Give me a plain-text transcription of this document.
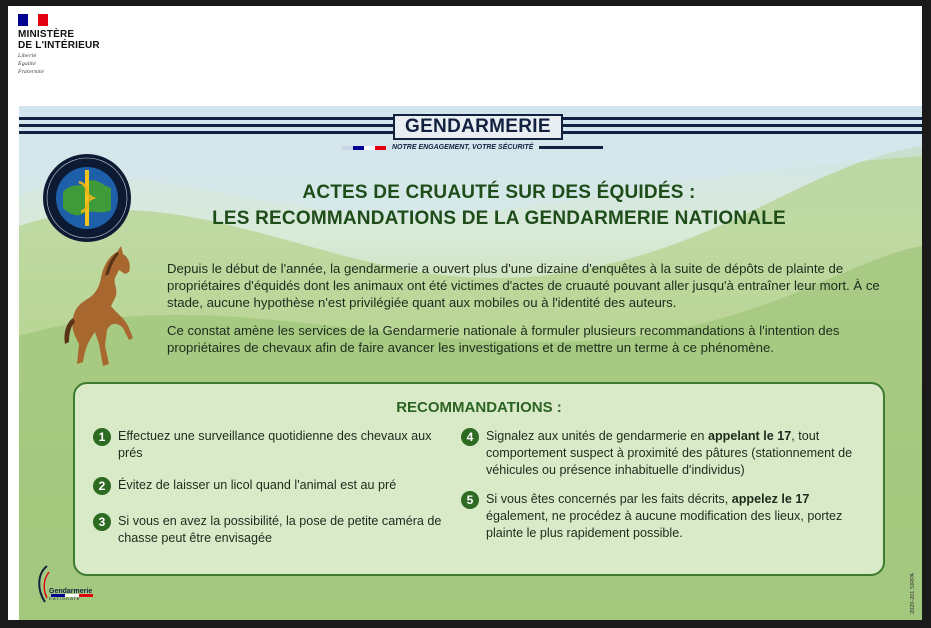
MINISTÈRE
DE L'INTÉRIEUR
Liberté
Égalité
Fraternité
GENDARMERIE
NOTRE ENGAGEMENT, VOTRE SÉCURITÉ
ACTES DE CRUAUTÉ SUR DES ÉQUIDÉS :
LES RECOMMANDATIONS DE LA GENDARMERIE NATIONALE

Depuis le début de l'année, la gendarmerie a ouvert plus d'une dizaine d'enquêtes à la suite de dépôts de plainte de propriétaires d'équidés dont les animaux ont été victimes d'actes de cruauté pouvant aller jusqu'à entraîner leur mort. À ce stade, aucune hypothèse n'est privilégiée quant aux mobiles ou à l'identité des auteurs.

Ce constat amène les services de la Gendarmerie nationale à formuler plusieurs recommandations à l'intention des propriétaires de chevaux afin de faire avancer les investigations et de mettre un terme à ce phénomène.

RECOMMANDATIONS :
1	Effectuez une surveillance quotidienne des chevaux aux prés
2	Évitez de laisser un licol quand l'animal est au pré
3	Si vous en avez la possibilité, la pose de petite caméra de chasse peut être envisagée
4	Signalez aux unités de gendarmerie en appelant le 17, tout comportement suspect à proximité des pâtures (stationnement de véhicules ou présence inhabituelle d'individus)
5	Si vous êtes concernés par les faits décrits, appelez le 17 également, ne procédez à aucune modification des lieux, portez plainte le plus rapidement possible.
Gendarmerie
nationale	2020-201 SIRPA
